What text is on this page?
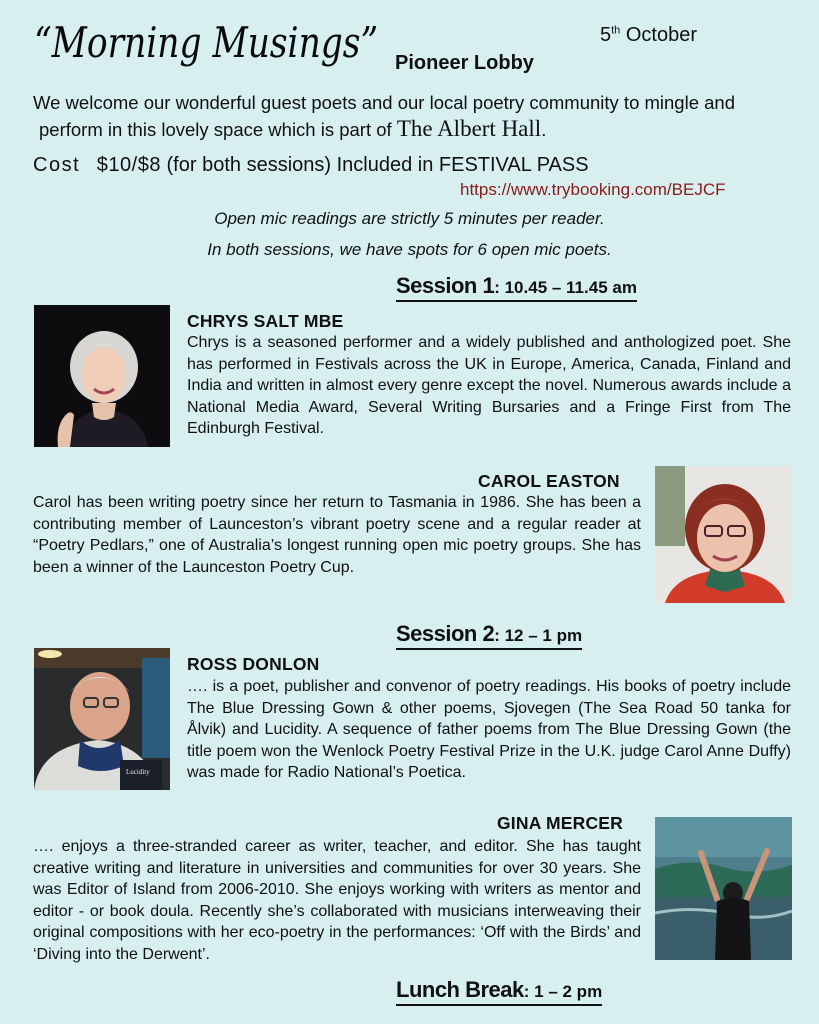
“Morning Musings”	5th October
Pioneer Lobby
We welcome our wonderful guest poets and our local poetry community to mingle and
perform in this lovely space which is part of The Albert Hall.
Cost $10/$8 (for both sessions) Included in FESTIVAL PASS
https://www.trybooking.com/BEJCF
Open mic readings are strictly 5 minutes per reader.
In both sessions, we have spots for 6 open mic poets.
Session 1: 10.45 – 11.45 am
CHRYS SALT MBE
Chrys is a seasoned performer and a widely published and anthologized poet. She has performed in Festivals across the UK in Europe, America, Canada, Finland and India and written in almost every genre except the novel. Numerous awards include a National Media Award, Several Writing Bursaries and a Fringe First from The Edinburgh Festival.
CAROL EASTON
Carol has been writing poetry since her return to Tasmania in 1986. She has been a contributing member of Launceston’s vibrant poetry scene and a regular reader at “Poetry Pedlars,” one of Australia’s longest running open mic poetry groups. She has been a winner of the Launceston Poetry Cup.
Session 2: 12 – 1 pm
Lucidity
ROSS DONLON
…. is a poet, publisher and convenor of poetry readings. His books of poetry include The Blue Dressing Gown & other poems, Sjovegen (The Sea Road 50 tanka for Ålvik) and Lucidity. A sequence of father poems from The Blue Dressing Gown (the title poem won the Wenlock Poetry Festival Prize in the U.K. judge Carol Anne Duffy) was made for Radio National’s Poetica.
GINA MERCER
…. enjoys a three-stranded career as writer, teacher, and editor. She has taught creative writing and literature in universities and communities for over 30 years. She was Editor of Island from 2006-2010. She enjoys working with writers as mentor and editor - or book doula. Recently she’s collaborated with musicians interweaving their original compositions with her eco-poetry in the performances: ‘Off with the Birds’ and ‘Diving into the Derwent’.
Lunch Break: 1 – 2 pm
